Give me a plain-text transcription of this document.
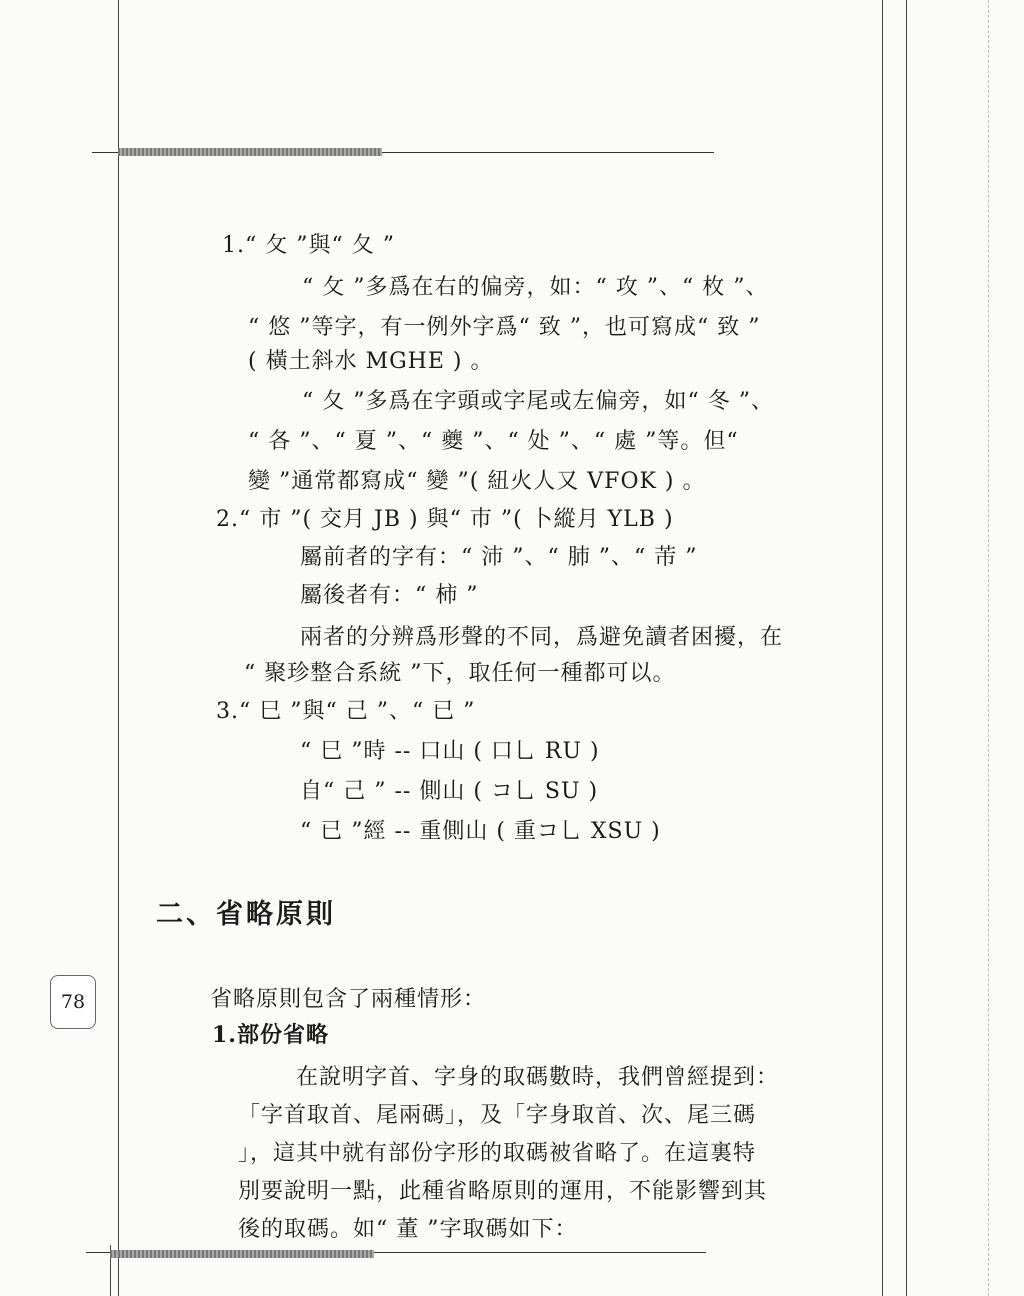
78
1.“ 攵 ”與“ 夂 ”
“ 攵 ”多爲在右的偏旁，如：“ 攻 ”、“ 枚 ”、
“ 悠 ”等字，有一例外字爲“ 致 ”，也可寫成“ 致 ”
( 橫土斜水 MGHE ) 。
“ 夂 ”多爲在字頭或字尾或左偏旁，如“ 冬 ”、
“ 各 ”、“ 夏 ”、“ 夔 ”、“ 处 ”、“ 處 ”等。但“
變 ”通常都寫成“ 變 ”( 紐火人又 VFOK ) 。
2.“ 市 ”( 交月 JB ) 與“ 巿 ”( 卜縱月 YLB )
屬前者的字有：“ 沛 ”、“ 肺 ”、“ 芾 ”
屬後者有：“ 柿 ”
兩者的分辨爲形聲的不同，爲避免讀者困擾，在
“ 聚珍整合系統 ”下，取任何一種都可以。
3.“ 巳 ”與“ 己 ”、“ 已 ”
“ 巳 ”時 -- 口山 ( 口乚 RU )
自“ 己 ” -- 側山 ( コ乚 SU )
“ 已 ”經 -- 重側山 ( 重コ乚 XSU )
二、省略原則
省略原則包含了兩種情形：
1.部份省略
在說明字首、字身的取碼數時，我們曾經提到：
「字首取首、尾兩碼」，及「字身取首、次、尾三碼
」，這其中就有部份字形的取碼被省略了。在這裏特
別要說明一點，此種省略原則的運用，不能影響到其
後的取碼。如“ 董 ”字取碼如下：
